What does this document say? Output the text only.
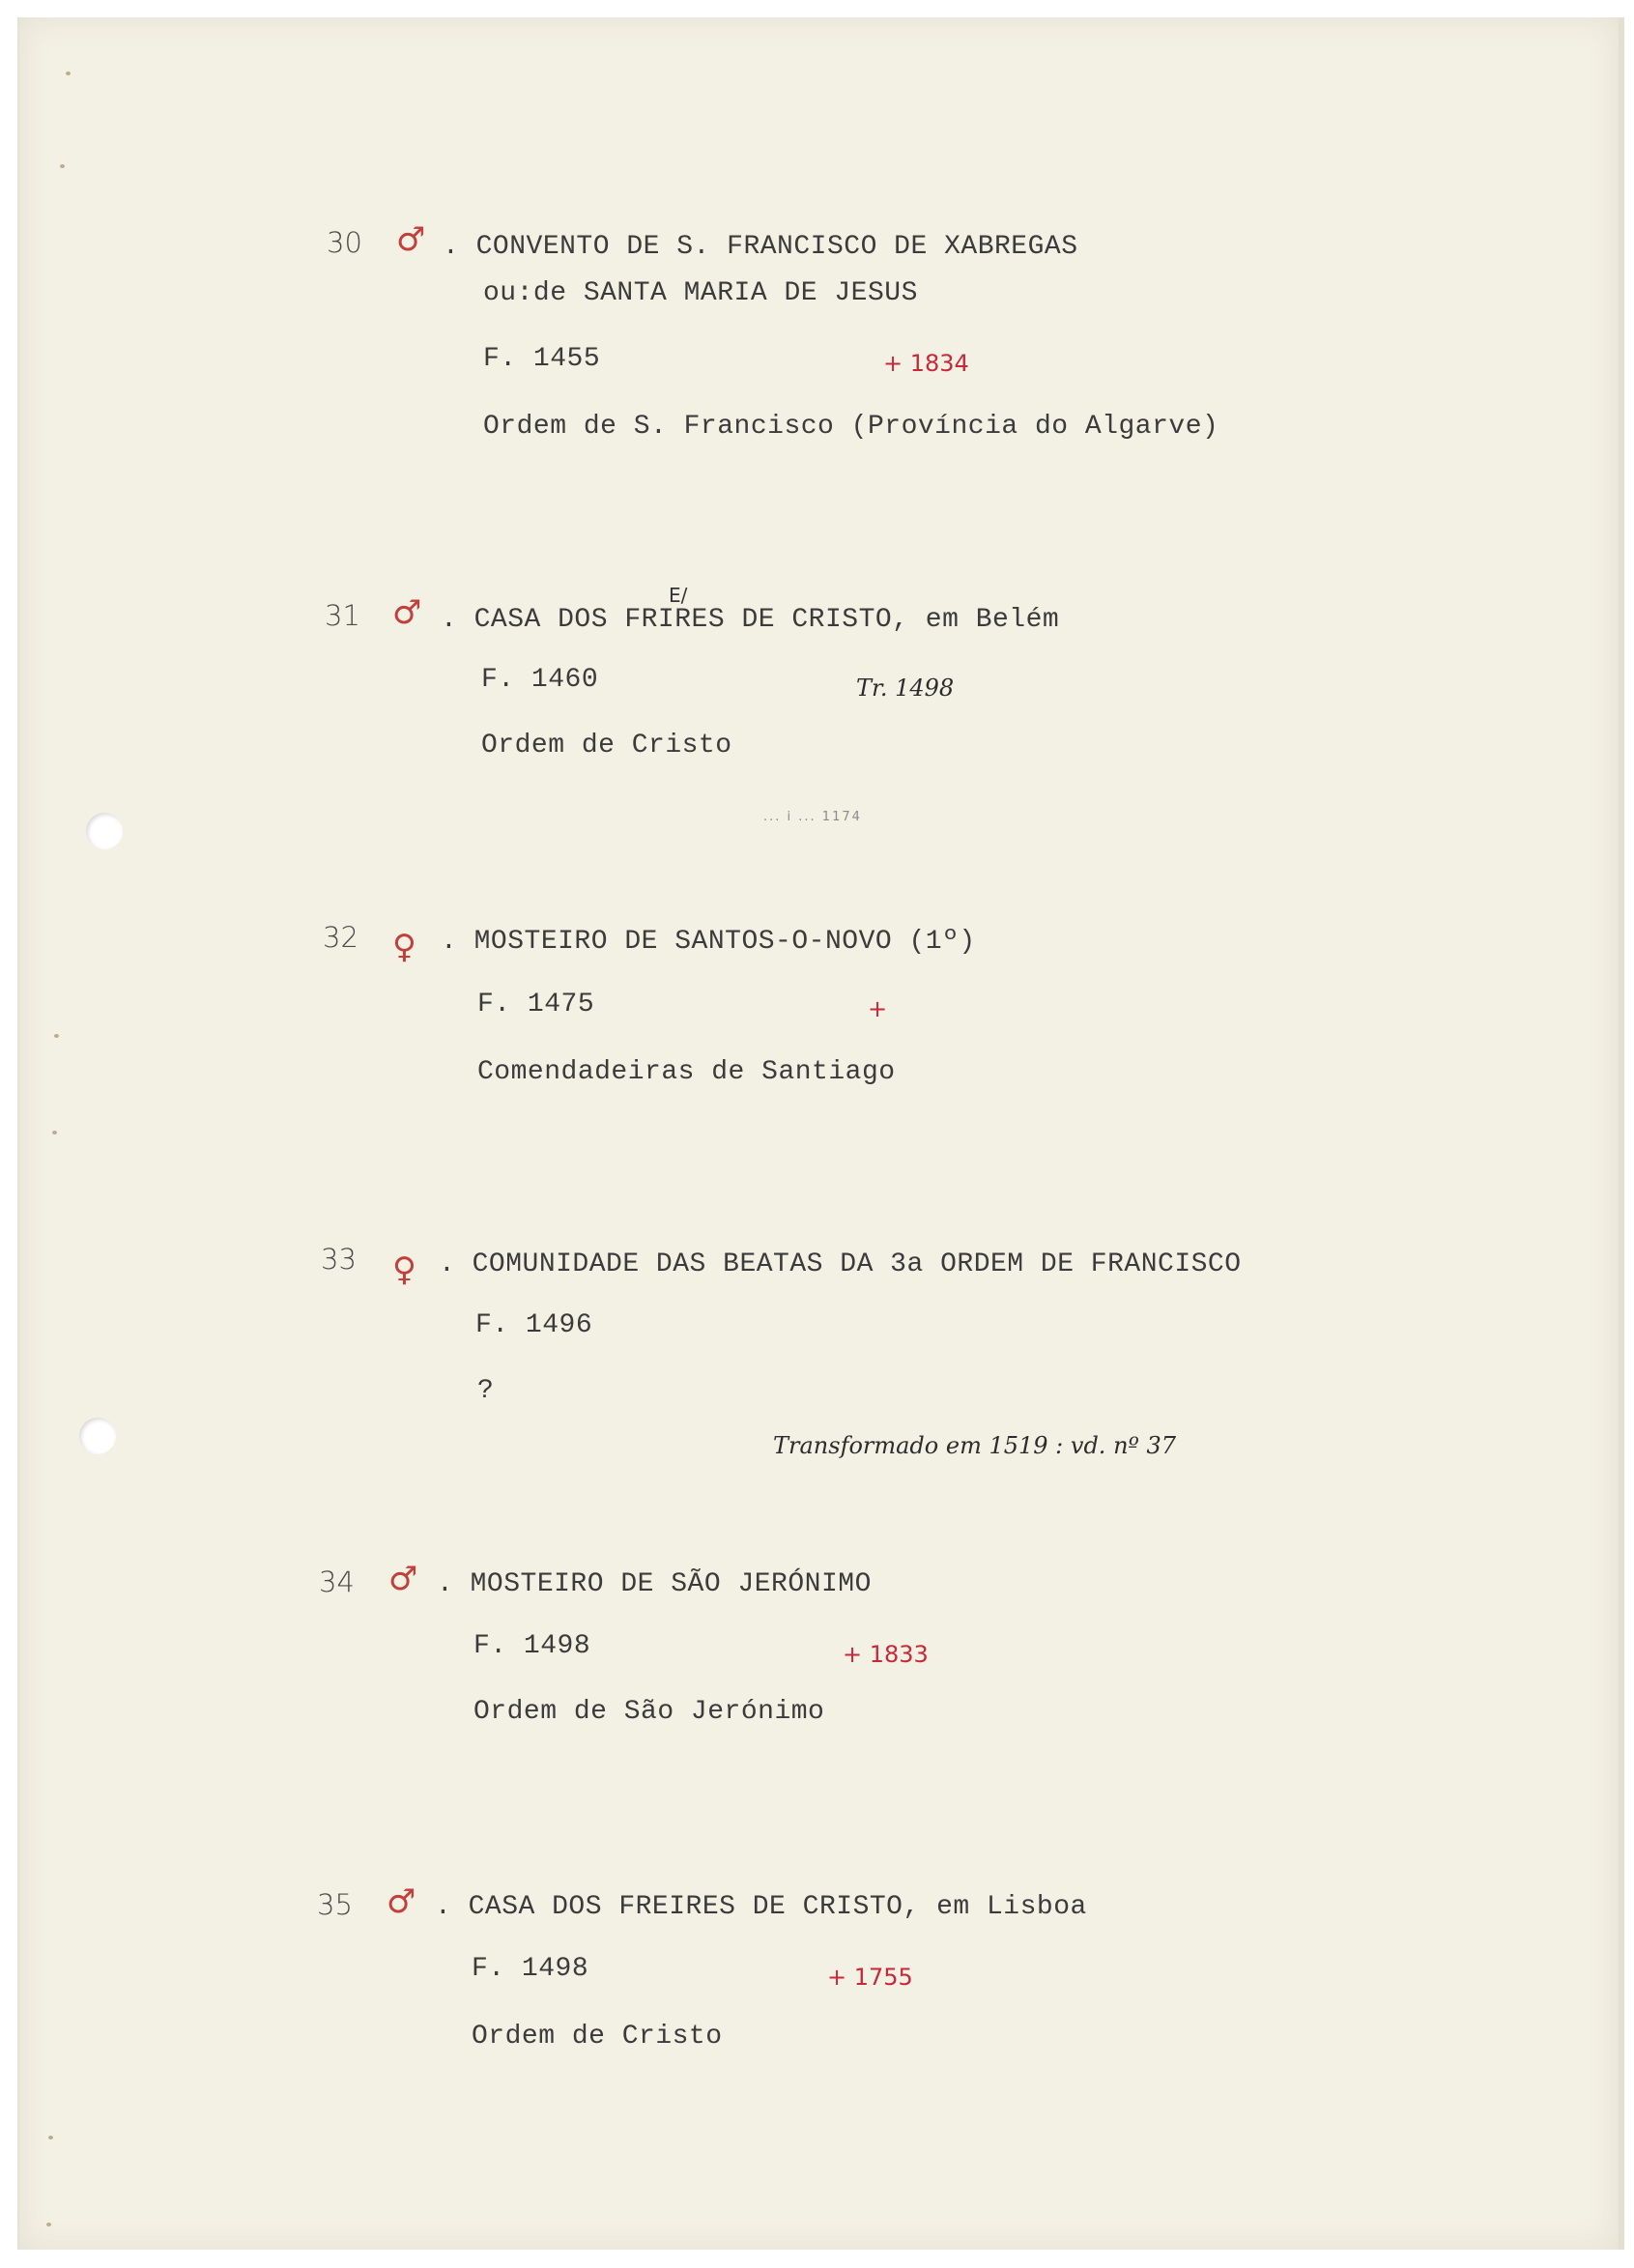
30 ♂ . CONVENTO DE S. FRANCISCO DE XABREGAS
ou:de SANTA MARIA DE JESUS
F. 1455	+ 1834
Ordem de S. Francisco (Província do Algarve)
E/
31 ♂ . CASA DOS FRIRES DE CRISTO, em Belém
F. 1460	Tr. 1498
Ordem de Cristo
... i ... 1174
32 ♀ . MOSTEIRO DE SANTOS-O-NOVO (1º)
F. 1475	+
Comendadeiras de Santiago
33 ♀ . COMUNIDADE DAS BEATAS DA 3a ORDEM DE FRANCISCO
F. 1496
?
Transformado em 1519 : vd. nº 37
34 ♂ . MOSTEIRO DE SÃO JERÓNIMO
F. 1498	+ 1833
Ordem de São Jerónimo
35 ♂ . CASA DOS FREIRES DE CRISTO, em Lisboa
F. 1498	+ 1755
Ordem de Cristo
